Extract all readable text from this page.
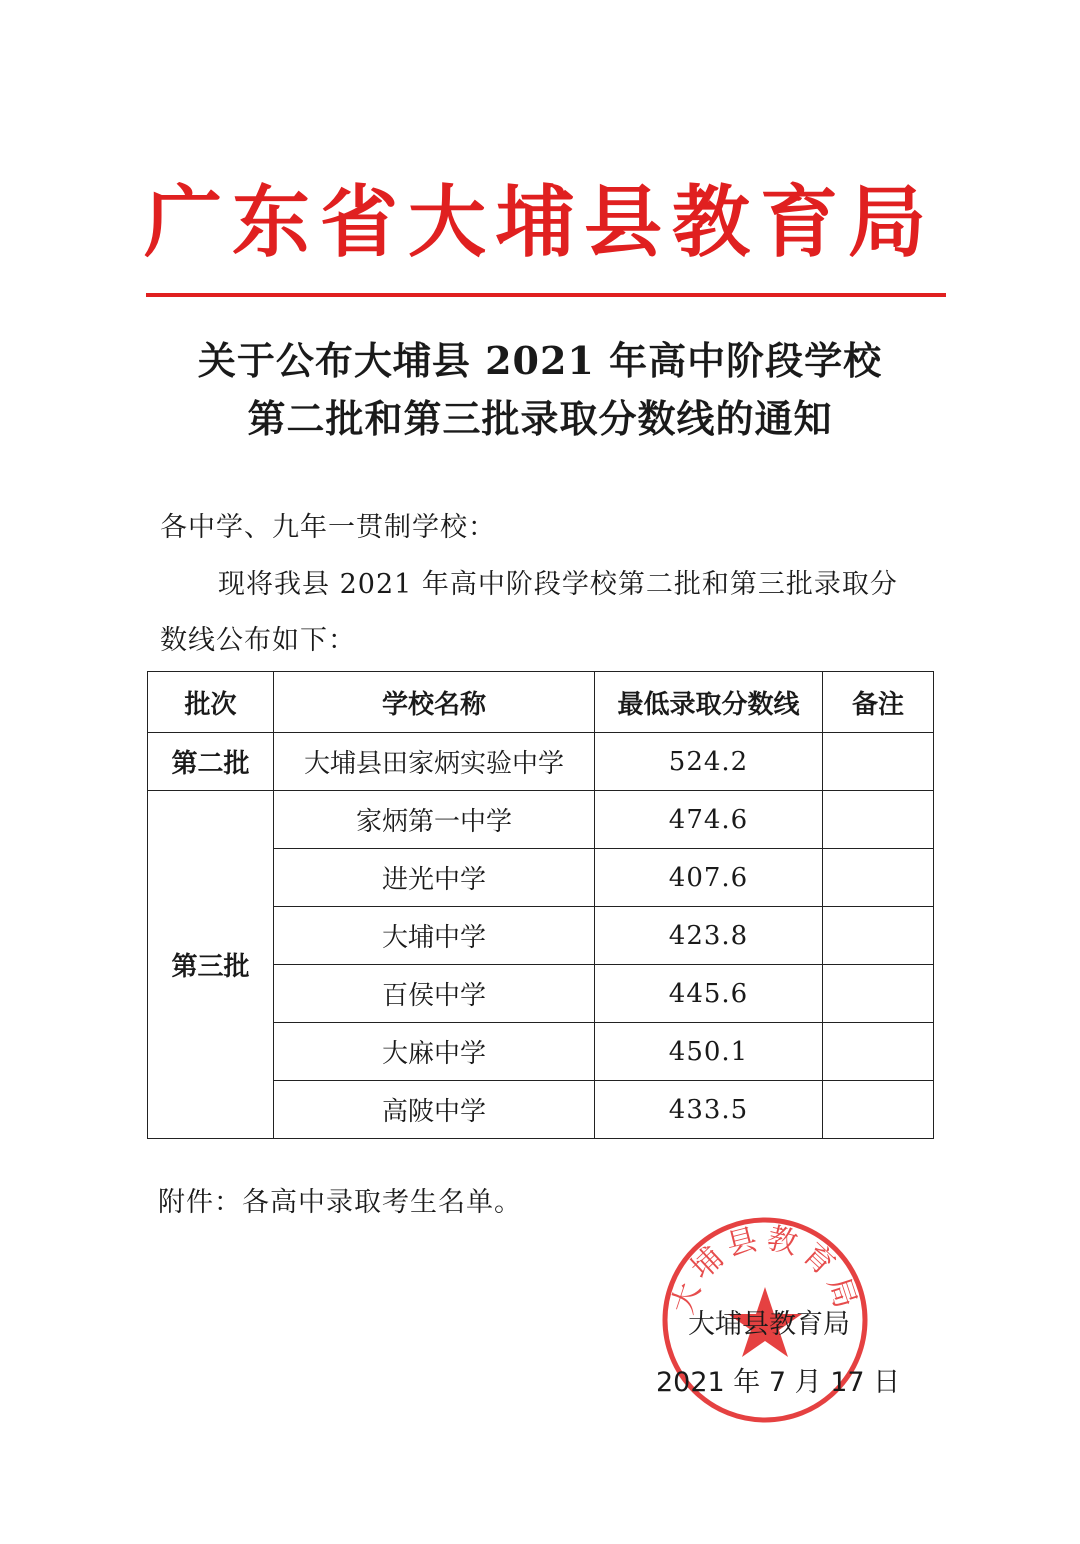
广东省大埔县教育局
关于公布大埔县 2021 年高中阶段学校
第二批和第三批录取分数线的通知
各中学、九年一贯制学校：
现将我县 2021 年高中阶段学校第二批和第三批录取分
数线公布如下：
批次	学校名称	最低录取分数线	备注
第二批	大埔县田家炳实验中学	524.2	
第三批	家炳第一中学	474.6	
	进光中学	407.6	
	大埔中学	423.8	
	百侯中学	445.6	
	大麻中学	450.1	
	高陂中学	433.5	
附件：各高中录取考生名单。
大埔县教育局
大埔县教育局
2021 年 7 月 17 日
